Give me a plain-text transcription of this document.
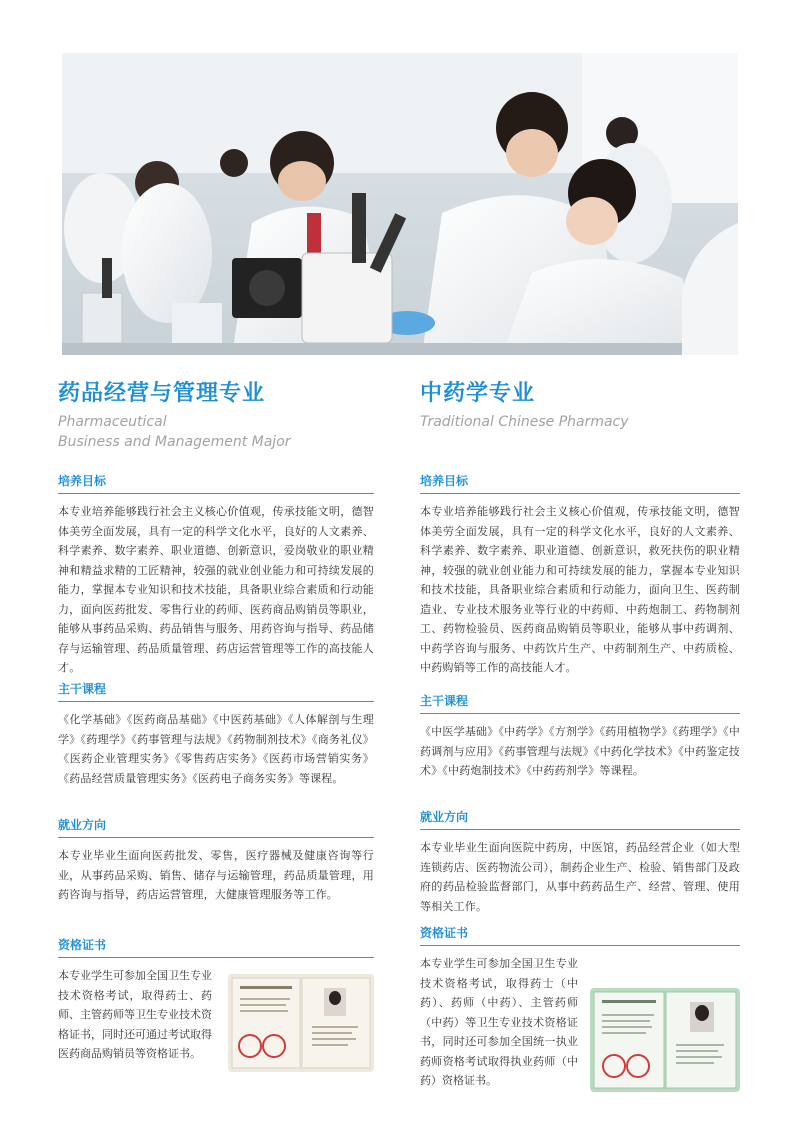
药品经营与管理专业
Pharmaceutical
Business and Management Major
培养目标
本专业培养能够践行社会主义核心价值观，传承技能文明，德智体美劳全面发展，具有一定的科学文化水平，良好的人文素养、科学素养、数字素养、职业道德、创新意识，爱岗敬业的职业精神和精益求精的工匠精神，较强的就业创业能力和可持续发展的能力，掌握本专业知识和技术技能，具备职业综合素质和行动能力，面向医药批发、零售行业的药师、医药商品购销员等职业，能够从事药品采购、药品销售与服务、用药咨询与指导、药品储存与运输管理、药品质量管理、药店运营管理等工作的高技能人才。
主干课程
《化学基础》《医药商品基础》《中医药基础》《人体解剖与生理学》《药理学》《药事管理与法规》《药物制剂技术》《商务礼仪》《医药企业管理实务》《零售药店实务》《医药市场营销实务》《药品经营质量管理实务》《医药电子商务实务》等课程。
就业方向
本专业毕业生面向医药批发、零售，医疗器械及健康咨询等行业，从事药品采购、销售、储存与运输管理，药品质量管理，用药咨询与指导，药店运营管理，大健康管理服务等工作。
资格证书
本专业学生可参加全国卫生专业技术资格考试，取得药士、药师、主管药师等卫生专业技术资格证书，同时还可通过考试取得医药商品购销员等资格证书。
中药学专业
Traditional Chinese Pharmacy
培养目标
本专业培养能够践行社会主义核心价值观，传承技能文明，德智体美劳全面发展，具有一定的科学文化水平，良好的人文素养、科学素养、数字素养、职业道德、创新意识，救死扶伤的职业精神，较强的就业创业能力和可持续发展的能力，掌握本专业知识和技术技能，具备职业综合素质和行动能力，面向卫生、医药制造业、专业技术服务业等行业的中药师、中药炮制工、药物制剂工、药物检验员、医药商品购销员等职业，能够从事中药调剂、中药学咨询与服务、中药饮片生产、中药制剂生产、中药质检、中药购销等工作的高技能人才。
主干课程
《中医学基础》《中药学》《方剂学》《药用植物学》《药理学》《中药调剂与应用》《药事管理与法规》《中药化学技术》《中药鉴定技术》《中药炮制技术》《中药药剂学》等课程。
就业方向
本专业毕业生面向医院中药房，中医馆，药品经营企业（如大型连锁药店、医药物流公司），制药企业生产、检验、销售部门及政府的药品检验监督部门，从事中药药品生产、经营、管理、使用等相关工作。
资格证书
本专业学生可参加全国卫生专业技术资格考试，取得药士（中药）、药师（中药）、主管药师（中药）等卫生专业技术资格证书，同时还可参加全国统一执业药师资格考试取得执业药师（中药）资格证书。
